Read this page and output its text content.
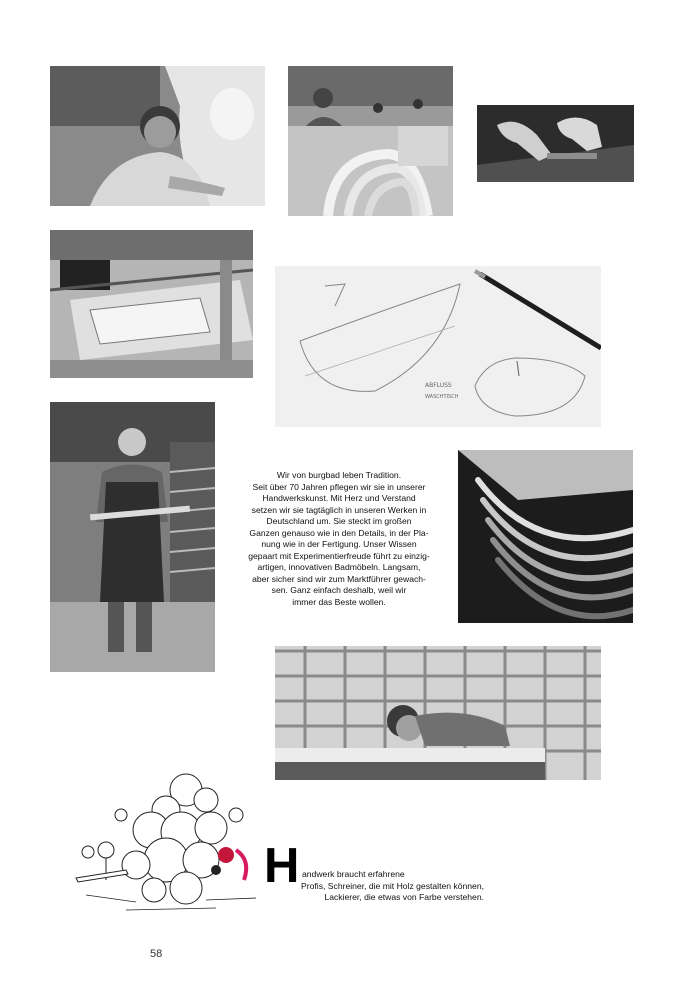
ABFLUSS
WASCHTISCH
Wir von burgbad leben Tradition.
Seit über 70 Jahren pflegen wir sie in unserer
Handwerkskunst. Mit Herz und Verstand
setzen wir sie tagtäglich in unseren Werken in
Deutschland um. Sie steckt im großen
Ganzen genauso wie in den Details, in der Pla-
nung wie in der Fertigung. Unser Wissen
gepaart mit Experimentierfreude führt zu einzig-
artigen, innovativen Badmöbeln. Langsam,
aber sicher sind wir zum Marktführer gewach-
sen. Ganz einfach deshalb, weil wir
immer das Beste wollen.
H andwerk braucht erfahrene
Profis, Schreiner, die mit Holz gestalten können,
Lackierer, die etwas von Farbe verstehen.
58
